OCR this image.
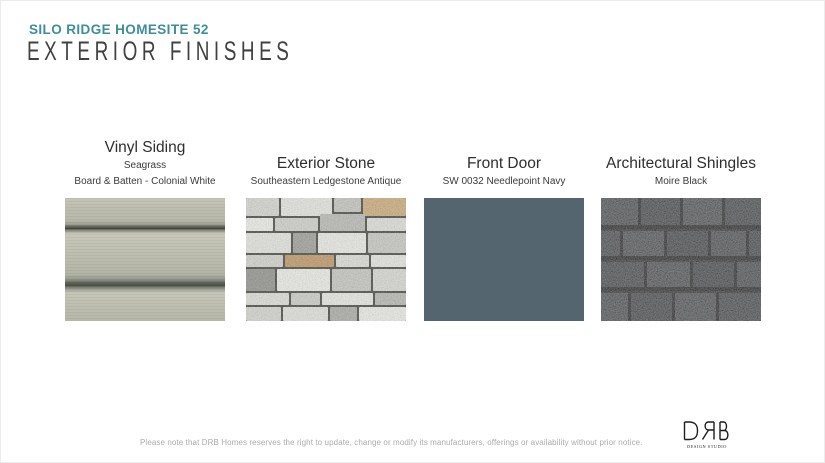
SILO RIDGE HOMESITE 52
EXTERIOR FINISHES
Vinyl Siding
Seagrass
Board & Batten - Colonial White
Exterior Stone
Southeastern Ledgestone Antique
Front Door
SW 0032 Needlepoint Navy
Architectural Shingles
Moire Black
Please note that DRB Homes reserves the right to update, change or modify its manufacturers, offerings or availability without prior notice.	DESIGN STUDIO
